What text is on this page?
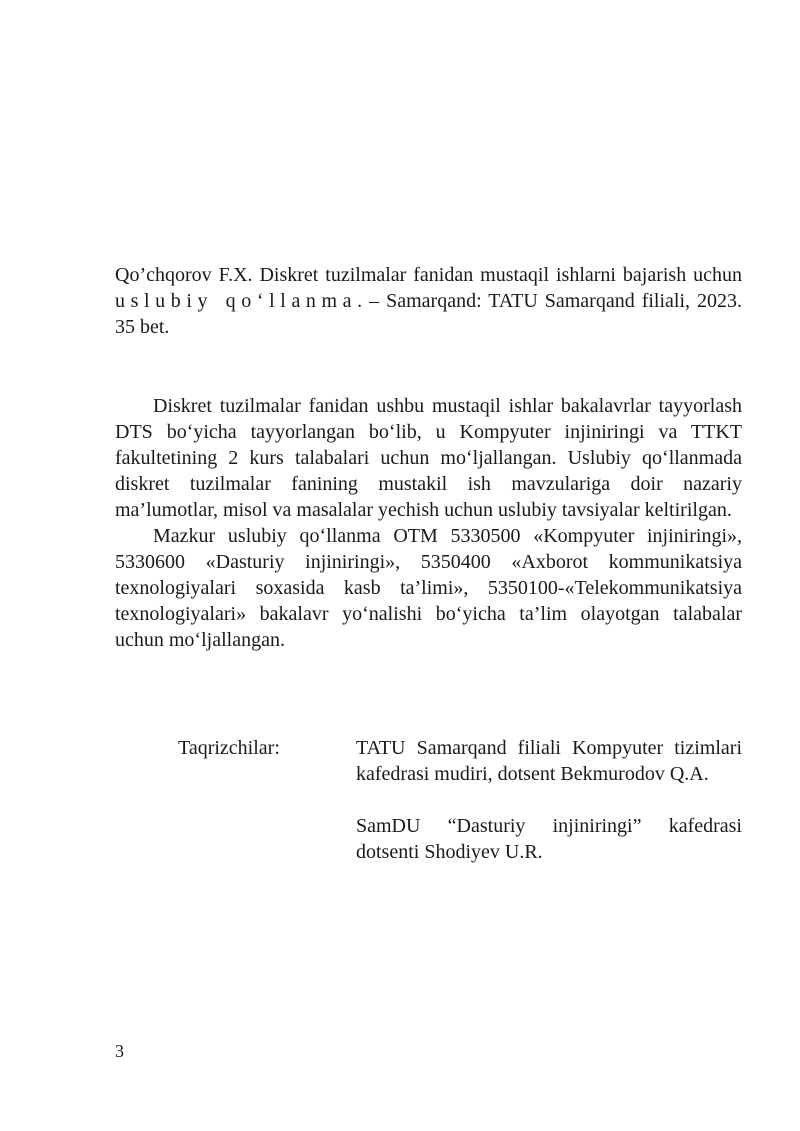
Qo’chqorov F.X. Diskret tuzilmalar fanidan mustaqil ishlarni bajarish uchun uslubiy qo‘llanma. – Samarqand: TATU Samarqand filiali, 2023. 35 bet.

Diskret tuzilmalar fanidan ushbu mustaqil ishlar bakalavrlar tayyorlash DTS bo‘yicha tayyorlangan bo‘lib, u Kompyuter injiniringi va TTKT fakultetining 2 kurs talabalari uchun mo‘ljallangan. Uslubiy qo‘llanmada diskret tuzilmalar fanining mustakil ish mavzulariga doir nazariy ma’lumotlar, misol va masalalar yechish uchun uslubiy tavsiyalar keltirilgan.

Mazkur uslubiy qo‘llanma OTM 5330500 «Kompyuter injiniringi», 5330600 «Dasturiy injiniringi», 5350400 «Axborot kommunikatsiya texnologiyalari soxasida kasb ta’limi», 5350100-«Telekommunikatsiya texnologiyalari» bakalavr yo‘nalishi bo‘yicha ta’lim olayotgan talabalar uchun mo‘ljallangan.

Taqrizchilar:	TATU Samarqand filiali Kompyuter tizimlari kafedrasi mudiri, dotsent Bekmurodov Q.A.

SamDU “Dasturiy injiniringi” kafedrasi dotsenti Shodiyev U.R.

3
